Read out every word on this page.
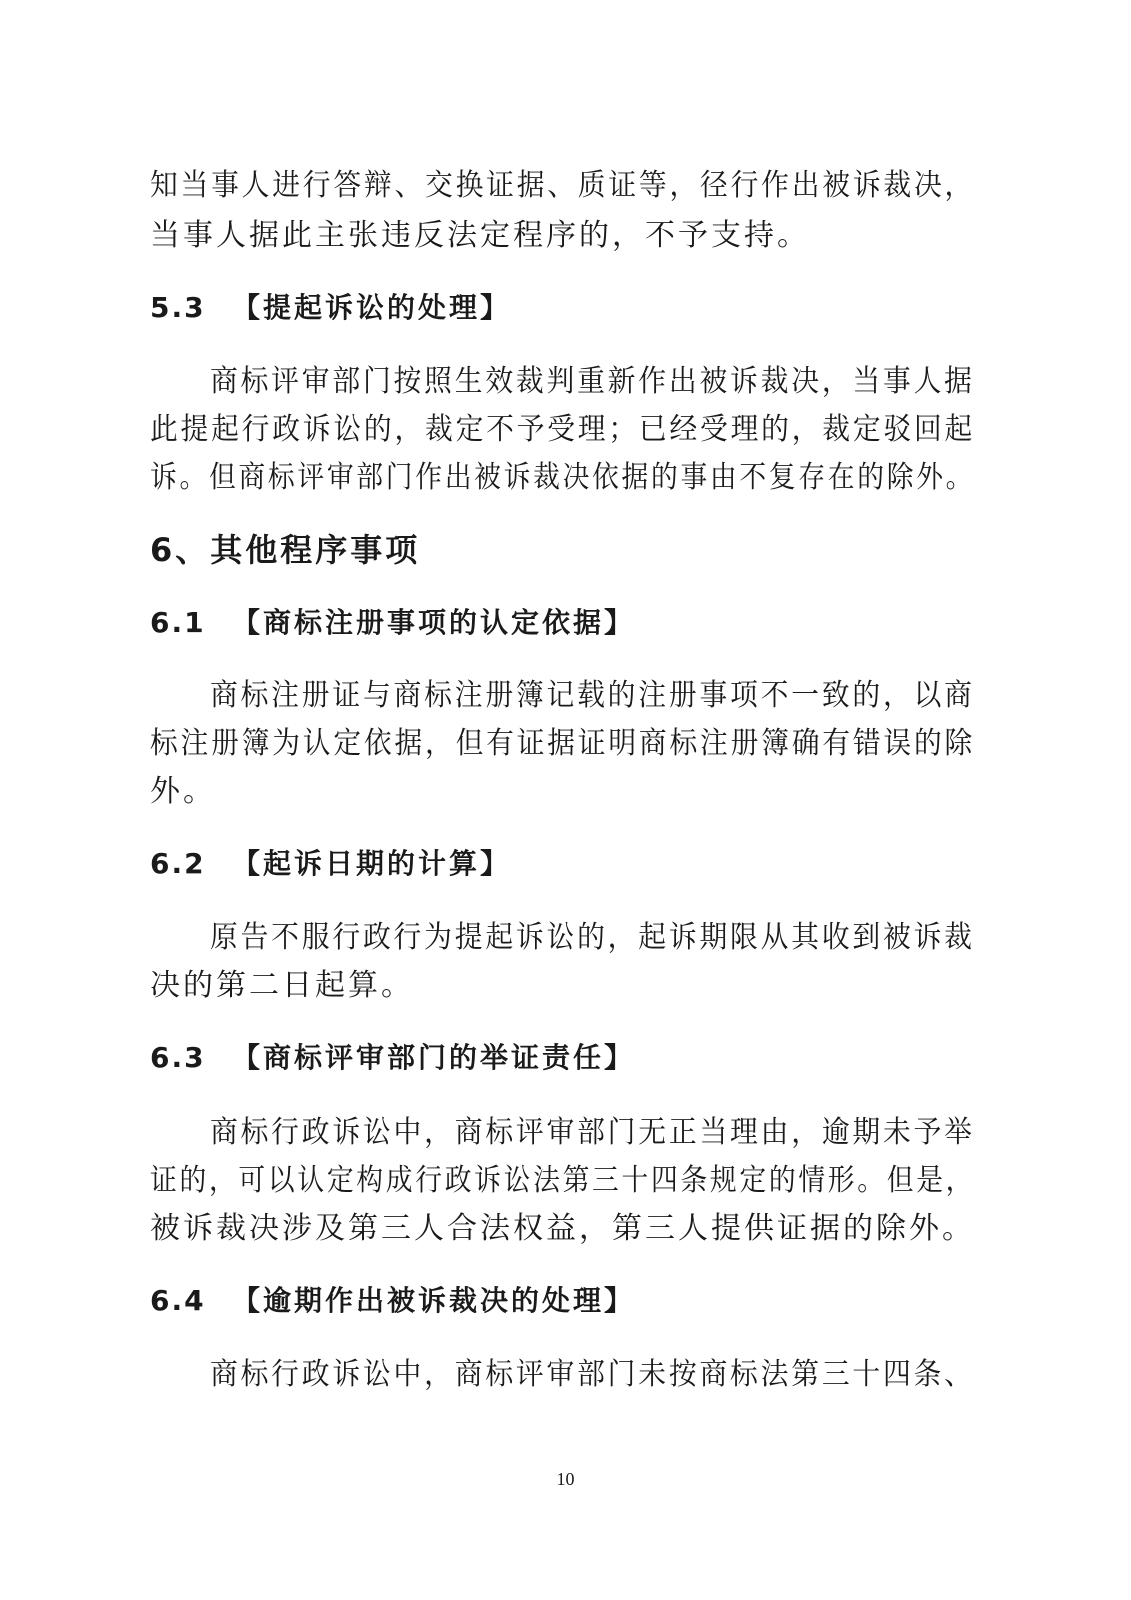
知当事人进行答辩、交换证据、质证等，径行作出被诉裁决，
当事人据此主张违反法定程序的，不予支持。
5.3 【提起诉讼的处理】
商标评审部门按照生效裁判重新作出被诉裁决，当事人据
此提起行政诉讼的，裁定不予受理；已经受理的，裁定驳回起
诉。但商标评审部门作出被诉裁决依据的事由不复存在的除外。
6、其他程序事项
6.1 【商标注册事项的认定依据】
商标注册证与商标注册簿记载的注册事项不一致的，以商
标注册簿为认定依据，但有证据证明商标注册簿确有错误的除
外。
6.2 【起诉日期的计算】
原告不服行政行为提起诉讼的，起诉期限从其收到被诉裁
决的第二日起算。
6.3 【商标评审部门的举证责任】
商标行政诉讼中，商标评审部门无正当理由，逾期未予举
证的，可以认定构成行政诉讼法第三十四条规定的情形。但是，
被诉裁决涉及第三人合法权益，第三人提供证据的除外。
6.4 【逾期作出被诉裁决的处理】
商标行政诉讼中，商标评审部门未按商标法第三十四条、
10
